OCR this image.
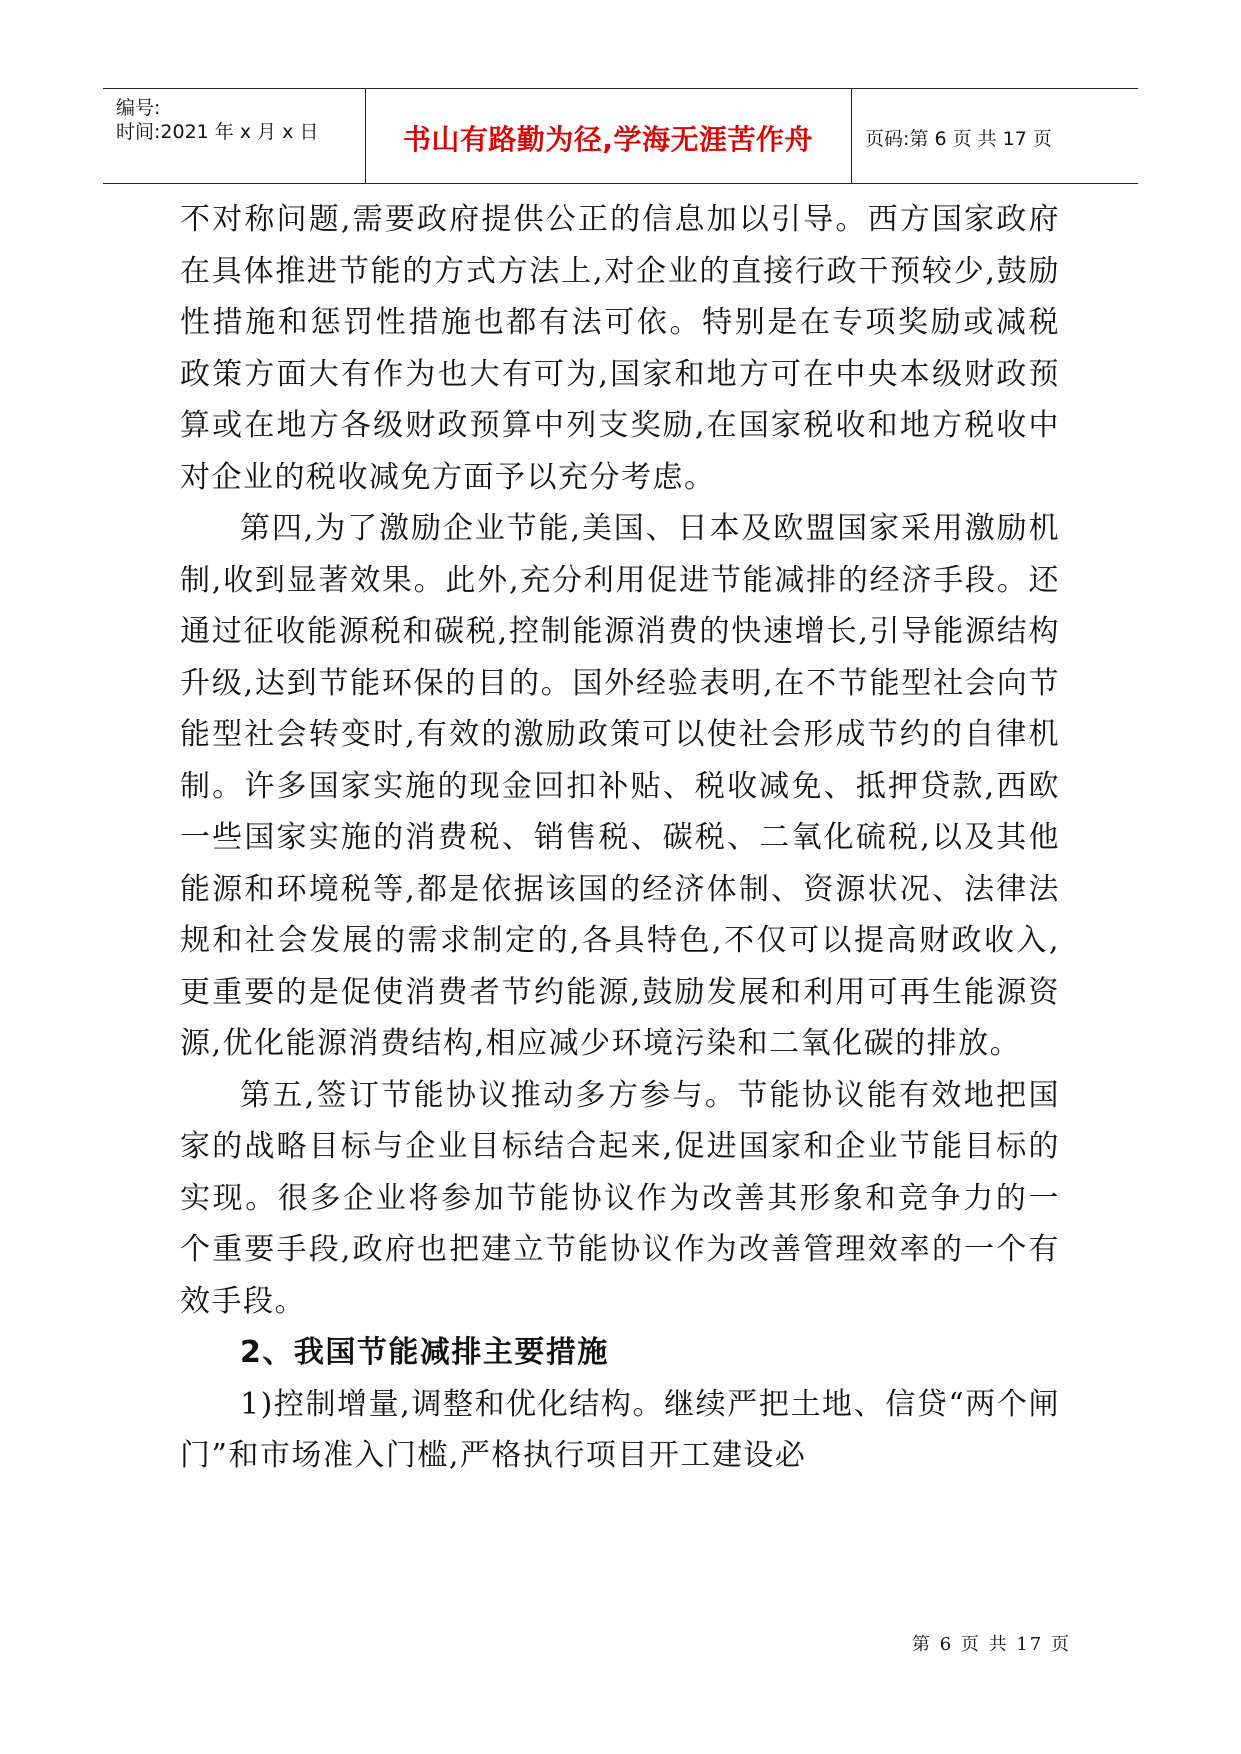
编号:
时间:2021 年 x 月 x 日	书山有路勤为径,学海无涯苦作舟	页码:第 6 页 共 17 页

不对称问题,需要政府提供公正的信息加以引导。西方国家政府在具体推进节能的方式方法上,对企业的直接行政干预较少,鼓励性措施和惩罚性措施也都有法可依。特别是在专项奖励或减税政策方面大有作为也大有可为,国家和地方可在中央本级财政预算或在地方各级财政预算中列支奖励,在国家税收和地方税收中对企业的税收减免方面予以充分考虑。

第四,为了激励企业节能,美国、日本及欧盟国家采用激励机制,收到显著效果。此外,充分利用促进节能减排的经济手段。还通过征收能源税和碳税,控制能源消费的快速增长,引导能源结构升级,达到节能环保的目的。国外经验表明,在不节能型社会向节能型社会转变时,有效的激励政策可以使社会形成节约的自律机制。许多国家实施的现金回扣补贴、税收减免、抵押贷款,西欧一些国家实施的消费税、销售税、碳税、二氧化硫税,以及其他能源和环境税等,都是依据该国的经济体制、资源状况、法律法规和社会发展的需求制定的,各具特色,不仅可以提高财政收入,更重要的是促使消费者节约能源,鼓励发展和利用可再生能源资源,优化能源消费结构,相应减少环境污染和二氧化碳的排放。

第五,签订节能协议推动多方参与。节能协议能有效地把国家的战略目标与企业目标结合起来,促进国家和企业节能目标的实现。很多企业将参加节能协议作为改善其形象和竞争力的一个重要手段,政府也把建立节能协议作为改善管理效率的一个有效手段。

2、我国节能减排主要措施

1)控制增量,调整和优化结构。继续严把土地、信贷“两个闸门”和市场准入门槛,严格执行项目开工建设必

第 6 页 共 17 页
